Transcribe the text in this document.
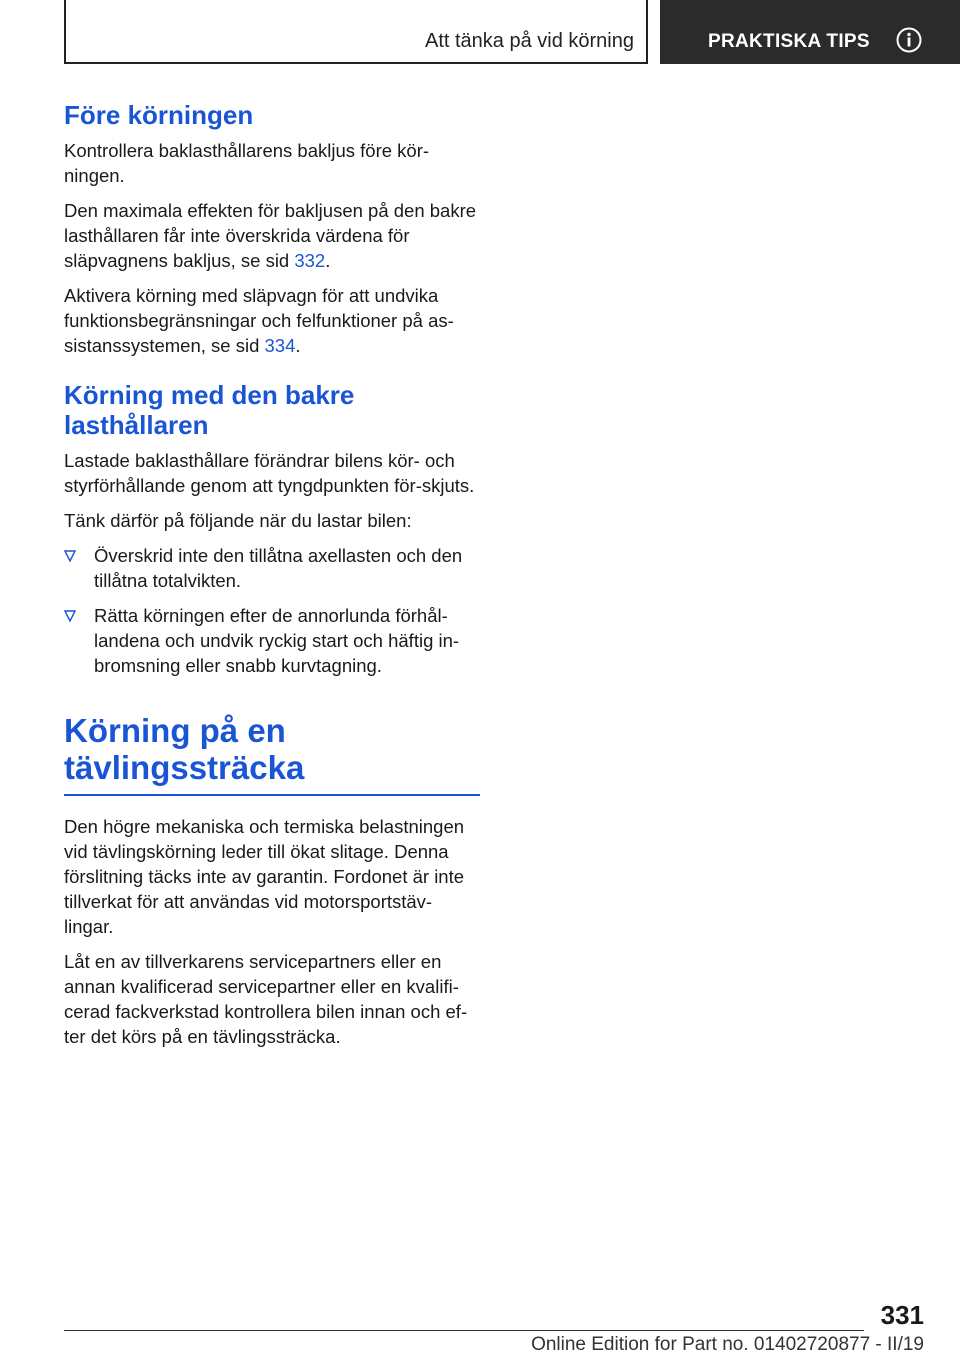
Att tänka på vid körning	PRAKTISKA TIPS
Före körningen

Kontrollera baklasthållarens bakljus före kör-ningen.

Den maximala effekten för bakljusen på den bakre lasthållaren får inte överskrida värdena för släpvagnens bakljus, se sid 332.

Aktivera körning med släpvagn för att undvika funktionsbegränsningar och felfunktioner på as-sistanssystemen, se sid 334.

Körning med den bakre lasthållaren

Lastade baklasthållare förändrar bilens kör- och styrförhållande genom att tyngdpunkten för-skjuts.

Tänk därför på följande när du lastar bilen:

Överskrid inte den tillåtna axellasten och den tillåtna totalvikten.
Rätta körningen efter de annorlunda förhål-landena och undvik ryckig start och häftig in-bromsning eller snabb kurvtagning.
Körning på en tävlingssträcka

Den högre mekaniska och termiska belastningen vid tävlingskörning leder till ökat slitage. Denna förslitning täcks inte av garantin. Fordonet är inte tillverkat för att användas vid motorsportstäv-lingar.

Låt en av tillverkarens servicepartners eller en annan kvalificerad servicepartner eller en kvalifi-cerad fackverkstad kontrollera bilen innan och ef-ter det körs på en tävlingssträcka.

331
Online Edition for Part no. 01402720877 - II/19
